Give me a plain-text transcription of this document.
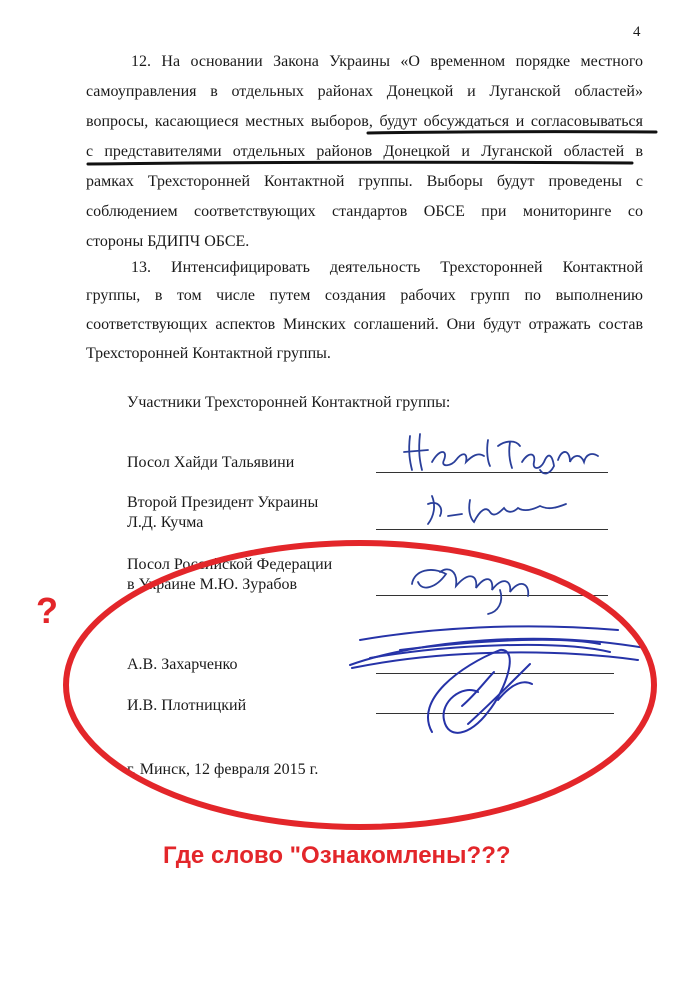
4
12. На основании Закона Украины «О временном порядке местного
самоуправления в отдельных районах Донецкой и Луганской областей»
вопросы, касающиеся местных выборов, будут обсуждаться и согласовываться
с представителями отдельных районов Донецкой и Луганской областей в
рамках Трехсторонней Контактной группы. Выборы будут проведены с
соблюдением соответствующих стандартов ОБСЕ при мониторинге со
стороны БДИПЧ ОБСЕ.
13. Интенсифицировать деятельность Трехсторонней Контактной
группы, в том числе путем создания рабочих групп по выполнению
соответствующих аспектов Минских соглашений. Они будут отражать состав
Трехсторонней Контактной группы.
Участники Трехсторонней Контактной группы:
Посол Хайди Тальявини
Второй Президент Украины
Л.Д. Кучма
Посол Российской Федерации
в Украине М.Ю. Зурабов
А.В. Захарченко
И.В. Плотницкий
г. Минск, 12 февраля 2015 г.
?
Где слово "Ознакомлены???
